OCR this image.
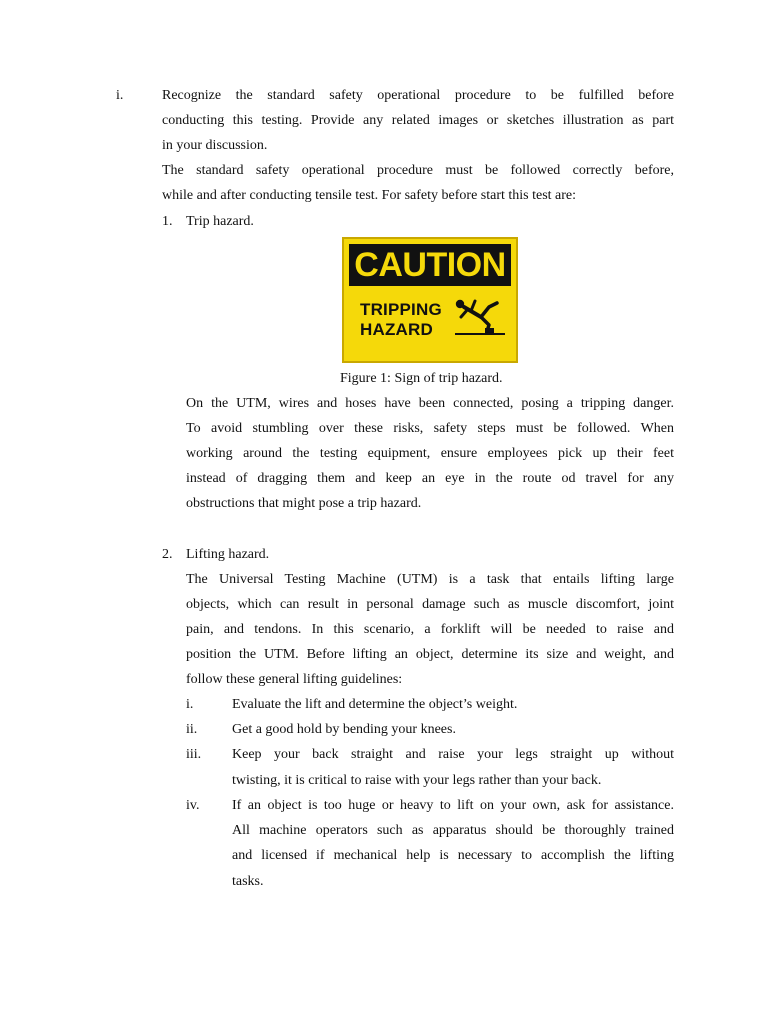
i.	Recognize the standard safety operational procedure to be fulfilled before
conducting this testing. Provide any related images or sketches illustration as part
in your discussion.
The standard safety operational procedure must be followed correctly before,
while and after conducting tensile test. For safety before start this test are:
1. Trip hazard.
CAUTION
TRIPPING
HAZARD
Figure 1: Sign of trip hazard.
On the UTM, wires and hoses have been connected, posing a tripping danger.
To avoid stumbling over these risks, safety steps must be followed. When
working around the testing equipment, ensure employees pick up their feet
instead of dragging them and keep an eye in the route od travel for any
obstructions that might pose a trip hazard.
2. Lifting hazard.
The Universal Testing Machine (UTM) is a task that entails lifting large
objects, which can result in personal damage such as muscle discomfort, joint
pain, and tendons. In this scenario, a forklift will be needed to raise and
position the UTM. Before lifting an object, determine its size and weight, and
follow these general lifting guidelines:
i.	Evaluate the lift and determine the object’s weight.
ii. Get a good hold by bending your knees.
iii. Keep your back straight and raise your legs straight up without
twisting, it is critical to raise with your legs rather than your back.
iv. If an object is too huge or heavy to lift on your own, ask for assistance.
All machine operators such as apparatus should be thoroughly trained
and licensed if mechanical help is necessary to accomplish the lifting
tasks.
